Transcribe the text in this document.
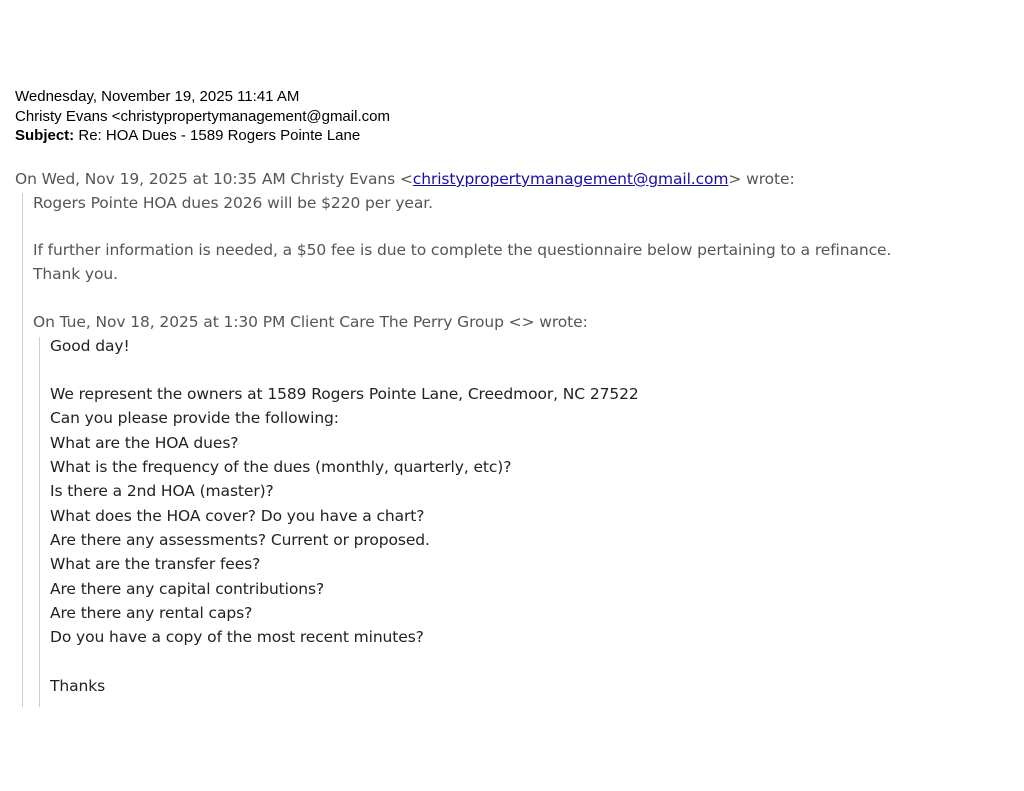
Wednesday, November 19, 2025 11:41 AM
Christy Evans <christypropertymanagement@gmail.com
Subject: Re: HOA Dues - 1589 Rogers Pointe Lane
On Wed, Nov 19, 2025 at 10:35 AM Christy Evans <christypropertymanagement@gmail.com> wrote:
Rogers Pointe HOA dues 2026 will be $220 per year.
If further information is needed, a $50 fee is due to complete the questionnaire below pertaining to a refinance.
Thank you.
On Tue, Nov 18, 2025 at 1:30 PM Client Care The Perry Group <> wrote:
Good day!
We represent the owners at 1589 Rogers Pointe Lane, Creedmoor, NC 27522
Can you please provide the following:
What are the HOA dues?
What is the frequency of the dues (monthly, quarterly, etc)?
Is there a 2nd HOA (master)?
What does the HOA cover? Do you have a chart?
Are there any assessments? Current or proposed.
What are the transfer fees?
Are there any capital contributions?
Are there any rental caps?
Do you have a copy of the most recent minutes?
Thanks
